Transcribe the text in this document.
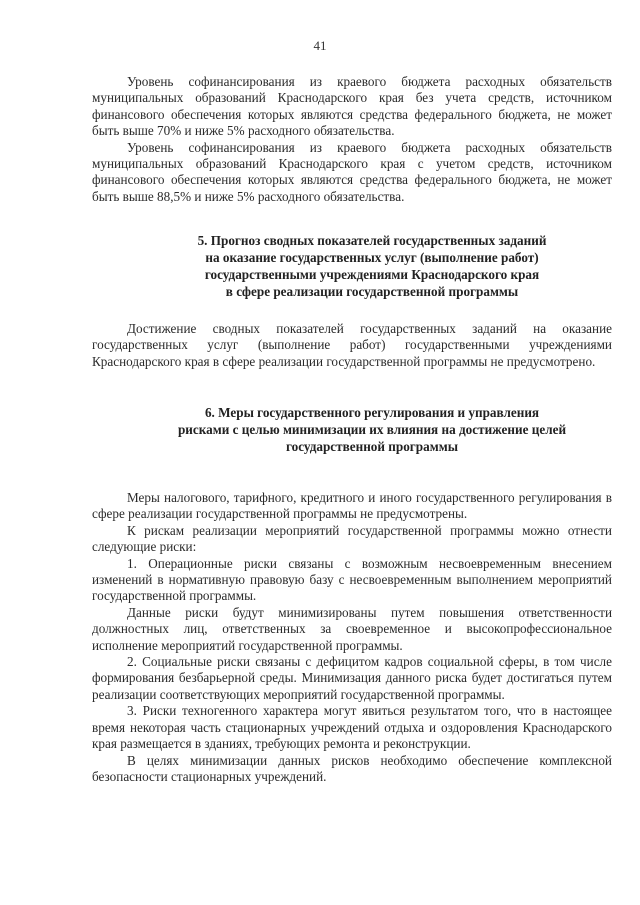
41

Уровень софинансирования из краевого бюджета расходных обязательств муниципальных образований Краснодарского края без учета средств, источником финансового обеспечения которых являются средства федерального бюджета, не может быть выше 70% и ниже 5% расходного обязательства.

Уровень софинансирования из краевого бюджета расходных обязательств муниципальных образований Краснодарского края с учетом средств, источником финансового обеспечения которых являются средства федерального бюджета, не может быть выше 88,5% и ниже 5% расходного обязательства.

5. Прогноз сводных показателей государственных заданий
на оказание государственных услуг (выполнение работ)
государственными учреждениями Краснодарского края
в сфере реализации государственной программы

Достижение сводных показателей государственных заданий на оказание государственных услуг (выполнение работ) государственными учреждениями Краснодарского края в сфере реализации государственной программы не предусмотрено.

6. Меры государственного регулирования и управления
рисками с целью минимизации их влияния на достижение целей
государственной программы

Меры налогового, тарифного, кредитного и иного государственного регулирования в сфере реализации государственной программы не предусмотрены.

К рискам реализации мероприятий государственной программы можно отнести следующие риски:

1. Операционные риски связаны с возможным несвоевременным внесением изменений в нормативную правовую базу с несвоевременным выполнением мероприятий государственной программы.

Данные риски будут минимизированы путем повышения ответственности должностных лиц, ответственных за своевременное и высокопрофессиональное исполнение мероприятий государственной программы.

2. Социальные риски связаны с дефицитом кадров социальной сферы, в том числе формирования безбарьерной среды. Минимизация данного риска будет достигаться путем реализации соответствующих мероприятий государственной программы.

3. Риски техногенного характера могут явиться результатом того, что в настоящее время некоторая часть стационарных учреждений отдыха и оздоровления Краснодарского края размещается в зданиях, требующих ремонта и реконструкции.

В целях минимизации данных рисков необходимо обеспечение комплексной безопасности стационарных учреждений.
